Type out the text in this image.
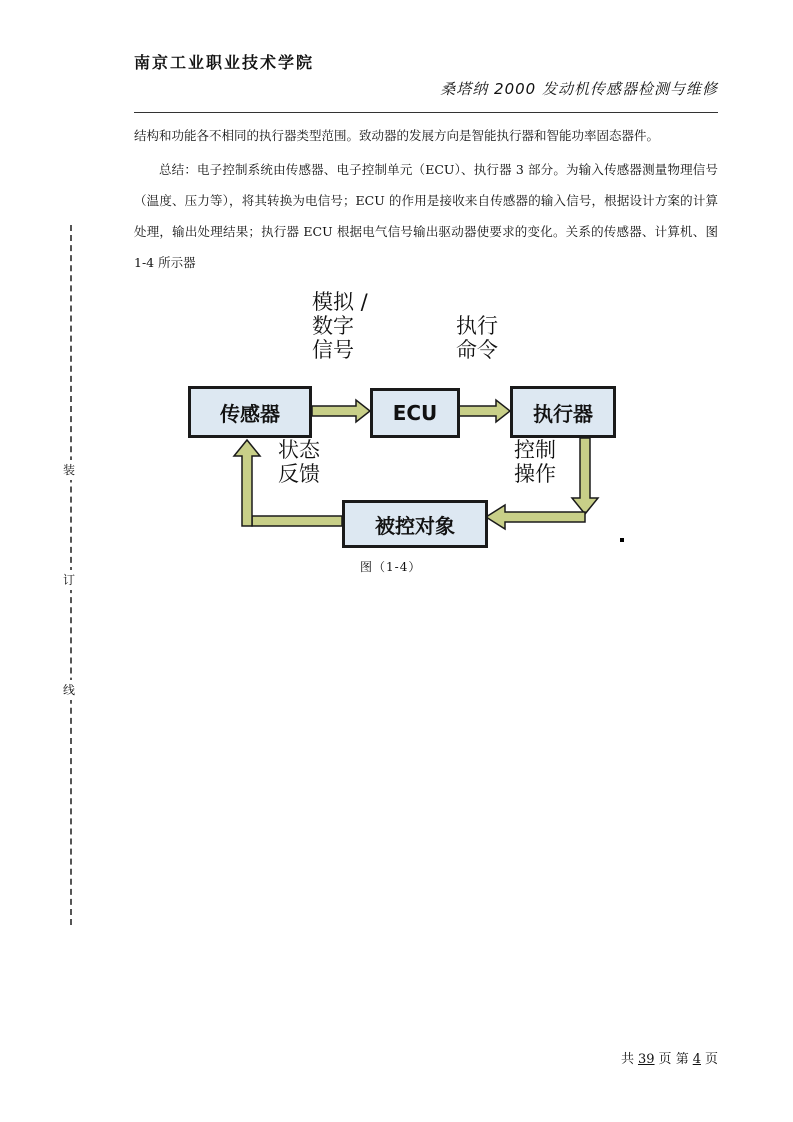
南京工业职业技术学院
桑塔纳 2000 发动机传感器检测与维修
结构和功能各不相同的执行器类型范围。致动器的发展方向是智能执行器和智能功率固态器件。
总结：电子控制系统由传感器、电子控制单元（ECU）、执行器 3 部分。为输入传感器测量物理信号（温度、压力等），将其转换为电信号；ECU 的作用是接收来自传感器的输入信号，根据设计方案的计算处理，输出处理结果；执行器 ECU 根据电气信号输出驱动器使要求的变化。关系的传感器、计算机、图 1-4 所示器
装
订
线
传感器	ECU	执行器
被控对象
模拟 /
数字
信号
执行
命令
控制
操作
状态
反馈
图（1-4）
共 39 页 第 4 页
